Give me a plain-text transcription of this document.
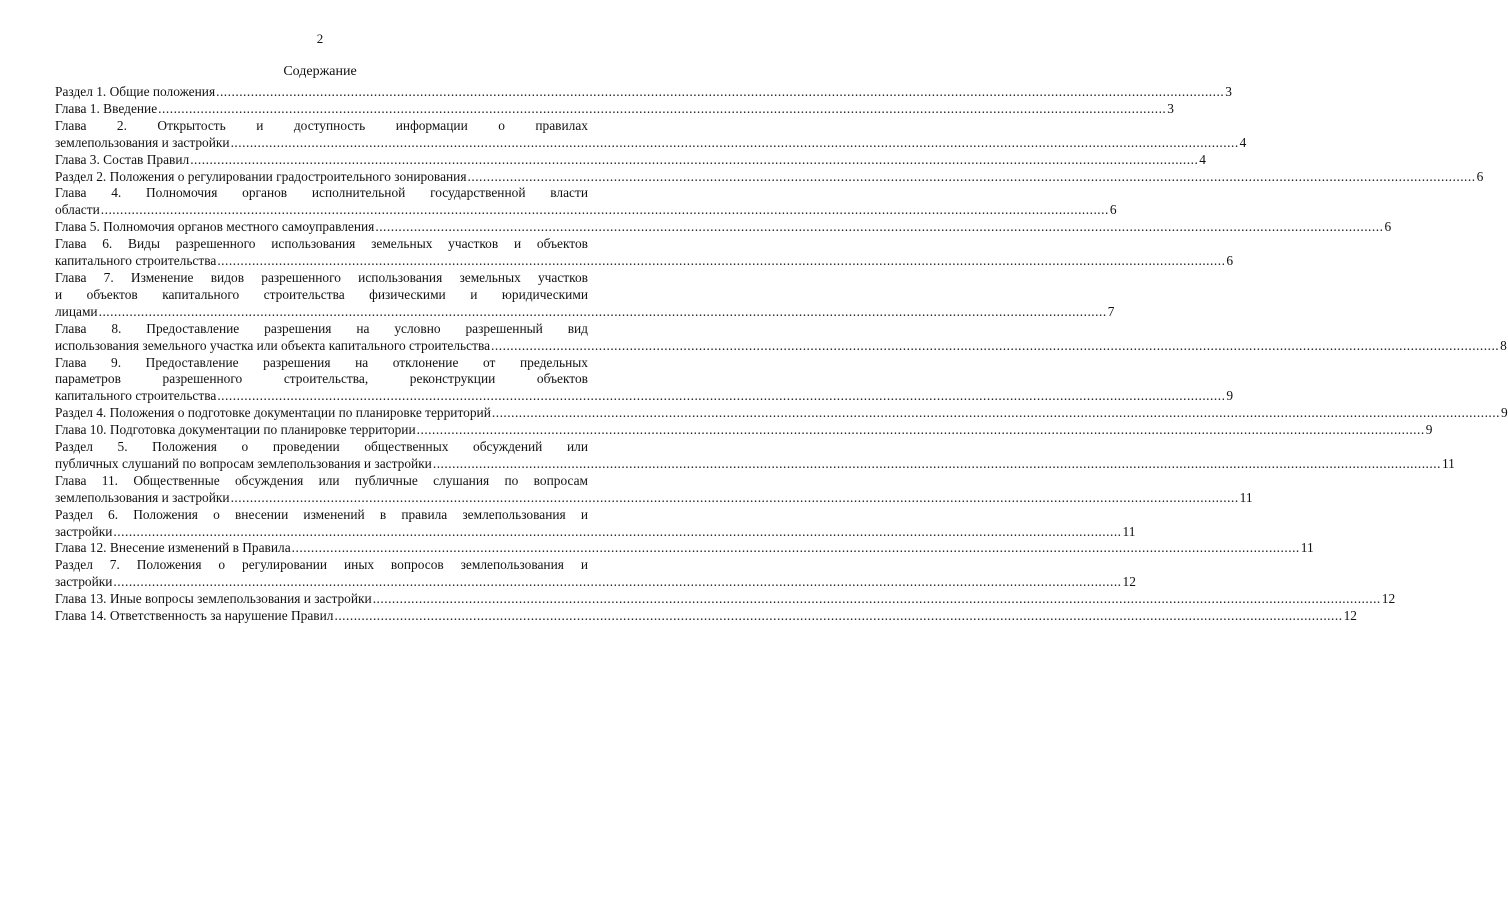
2
Содержание
Раздел 1. Общие положения ...................................................................................................................................................................................................................................................................... 3
Глава 1. Введение ...................................................................................................................................................................................................................................................................... 3
Глава 2. Открытость и доступность информации о правилах
землепользования и застройки ...................................................................................................................................................................................................................................................................... 4
Глава 3. Состав Правил ...................................................................................................................................................................................................................................................................... 4
Раздел 2. Положения о регулировании градостроительного зонирования ...................................................................................................................................................................................................................................................................... 6
Глава 4. Полномочия органов исполнительной государственной власти
области ...................................................................................................................................................................................................................................................................... 6
Глава 5. Полномочия органов местного самоуправления ...................................................................................................................................................................................................................................................................... 6
Глава 6. Виды разрешенного использования земельных участков и объектов
капитального строительства ...................................................................................................................................................................................................................................................................... 6
Глава 7. Изменение видов разрешенного использования земельных участков
и объектов капитального строительства физическими и юридическими
лицами ...................................................................................................................................................................................................................................................................... 7
Глава 8. Предоставление разрешения на условно разрешенный вид
использования земельного участка или объекта капитального строительства ...................................................................................................................................................................................................................................................................... 8
Глава 9. Предоставление разрешения на отклонение от предельных
параметров разрешенного строительства, реконструкции объектов
капитального строительства ...................................................................................................................................................................................................................................................................... 9
Раздел 4. Положения о подготовке документации по планировке территорий ...................................................................................................................................................................................................................................................................... 9
Глава 10. Подготовка документации по планировке территории ...................................................................................................................................................................................................................................................................... 9
Раздел 5. Положения о проведении общественных обсуждений или
публичных слушаний по вопросам землепользования и застройки ...................................................................................................................................................................................................................................................................... 11
Глава 11. Общественные обсуждения или публичные слушания по вопросам
землепользования и застройки ...................................................................................................................................................................................................................................................................... 11
Раздел 6. Положения о внесении изменений в правила землепользования и
застройки ...................................................................................................................................................................................................................................................................... 11
Глава 12. Внесение изменений в Правила ...................................................................................................................................................................................................................................................................... 11
Раздел 7. Положения о регулировании иных вопросов землепользования и
застройки ...................................................................................................................................................................................................................................................................... 12
Глава 13. Иные вопросы землепользования и застройки ...................................................................................................................................................................................................................................................................... 12
Глава 14. Ответственность за нарушение Правил ...................................................................................................................................................................................................................................................................... 12
